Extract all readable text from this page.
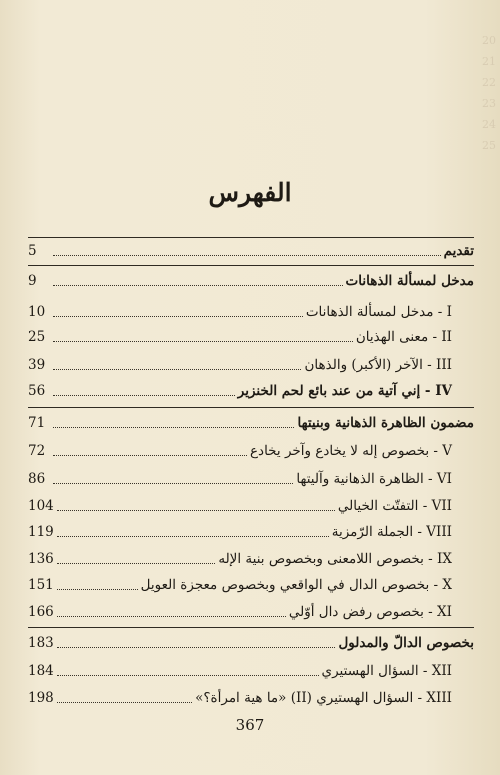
20
21
22
23
24
25
الفهرس
تقديم
5
مدخل لمسألة الذهانات
9
I - مدخل لمسألة الذهانات
10
II - معنى الهذيان
25
III - الآخر (الأكبر) والذهان
39
IV - إني آتية من عند بائع لحم الخنزير
56
مضمون الظاهرة الذهانية وبنيتها
71
V - بخصوص إله لا يخادع وآخر يخادع
72
VI - الظاهرة الذهانية وآليتها
86
VII - التفتّت الخيالي
104
VIII - الجملة الرّمزية
119
IX - بخصوص اللامعنى وبخصوص بنية الإله
136
X - بخصوص الدال في الواقعي وبخصوص معجزة العويل
151
XI - بخصوص رفض دال أوّلي
166
بخصوص الدالّ والمدلول
183
XII - السؤال الهستيري
184
XIII - السؤال الهستيري (II) «ما هية امرأة؟»
198
367
